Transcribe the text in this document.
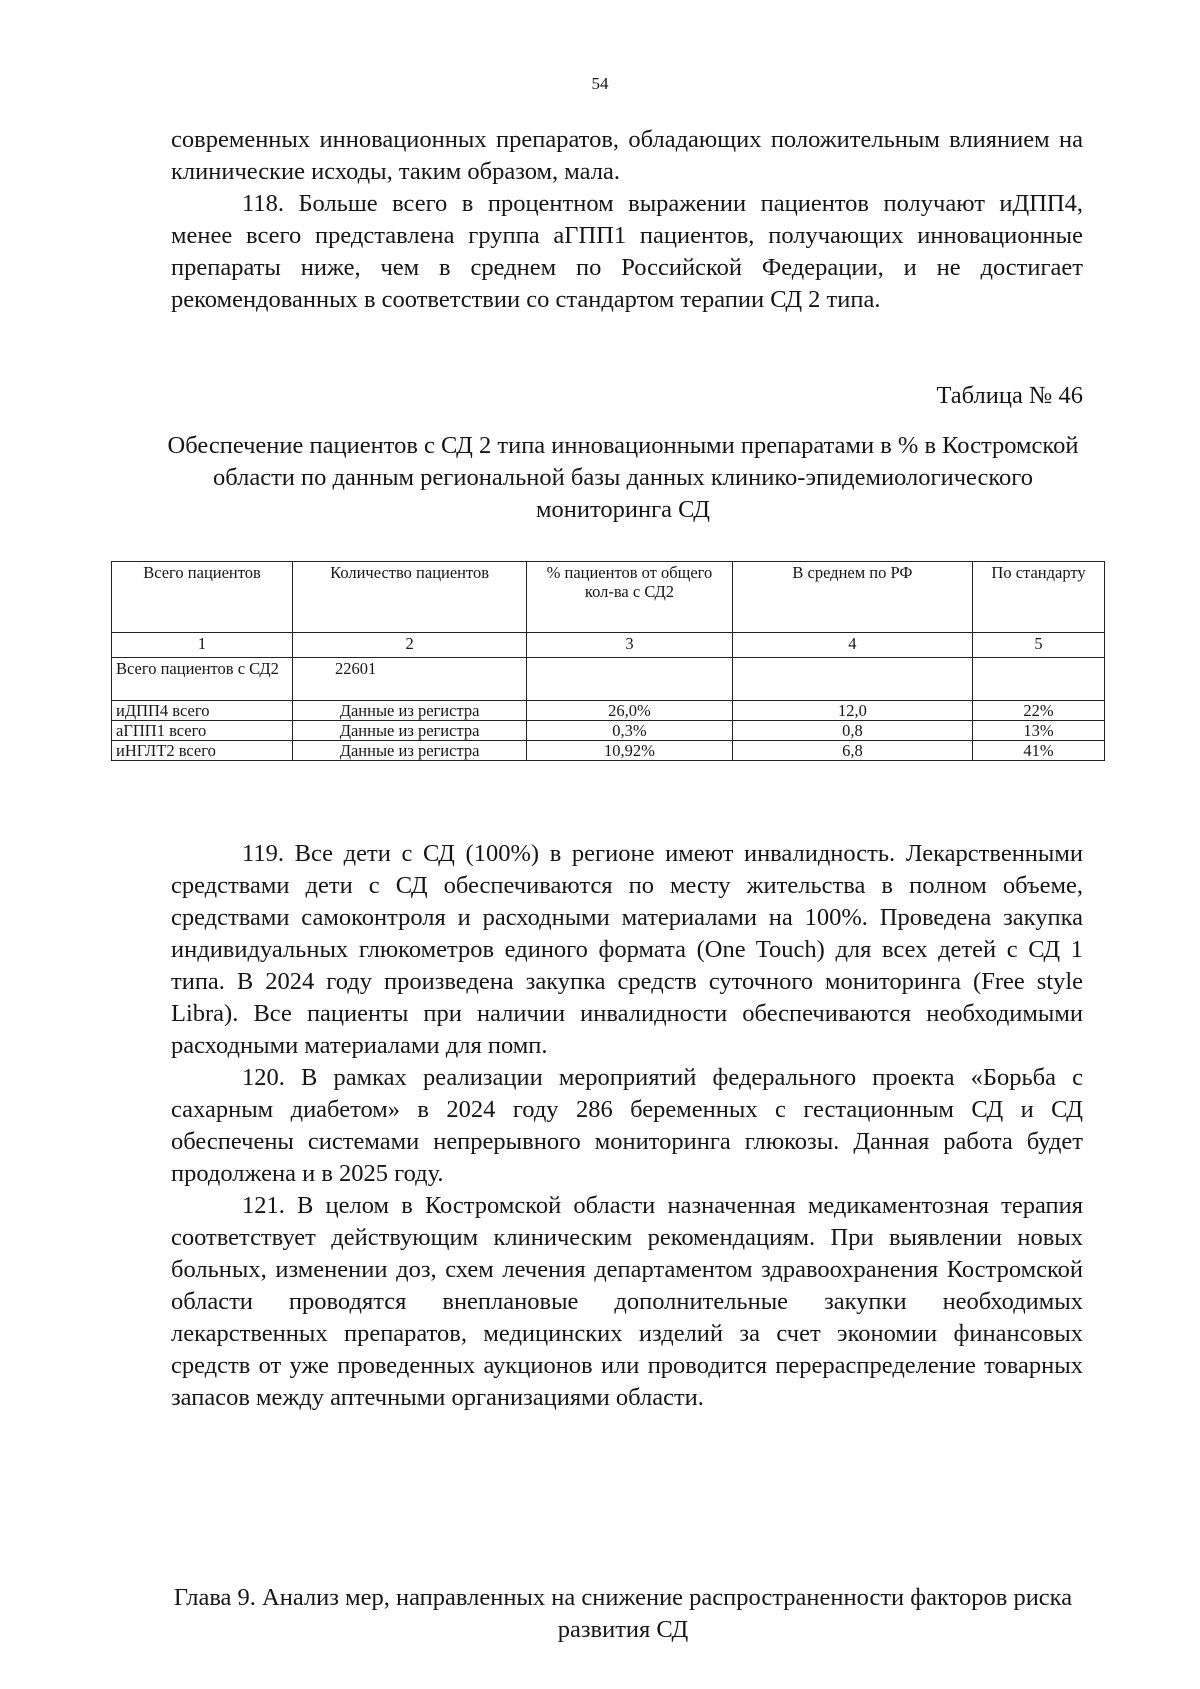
54

современных инновационных препаратов, обладающих положительным влиянием на клинические исходы, таким образом, мала.

118. Больше всего в процентном выражении пациентов получают иДПП4, менее всего представлена группа аГПП1 пациентов, получающих инновационные препараты ниже, чем в среднем по Российской Федерации, и не достигает рекомендованных в соответствии со стандартом терапии СД 2 типа.

Таблица № 46
Обеспечение пациентов с СД 2 типа инновационными препаратами в % в Костромской области по данным региональной базы данных клинико-эпидемиологического мониторинга СД
Всего пациентов	Количество пациентов	% пациентов от общего кол-ва с СД2	В среднем по РФ	По стандарту
1	2	3	4	5
Всего пациентов с СД2	22601			
иДПП4 всего	Данные из регистра	26,0%	12,0	22%
аГПП1 всего	Данные из регистра	0,3%	0,8	13%
иНГЛТ2 всего	Данные из регистра	10,92%	6,8	41%

119. Все дети с СД (100%) в регионе имеют инвалидность. Лекарственными средствами дети с СД обеспечиваются по месту жительства в полном объеме, средствами самоконтроля и расходными материалами на 100%. Проведена закупка индивидуальных глюкометров единого формата (One Touch) для всех детей с СД 1 типа. В 2024 году произведена закупка средств суточного мониторинга (Free style Libra). Все пациенты при наличии инвалидности обеспечиваются необходимыми расходными материалами для помп.

120. В рамках реализации мероприятий федерального проекта «Борьба с сахарным диабетом» в 2024 году 286 беременных с гестационным СД и СД обеспечены системами непрерывного мониторинга глюкозы. Данная работа будет продолжена и в 2025 году.

121. В целом в Костромской области назначенная медикаментозная терапия соответствует действующим клиническим рекомендациям. При выявлении новых больных, изменении доз, схем лечения департаментом здравоохранения Костромской области проводятся внеплановые дополнительные закупки необходимых лекарственных препаратов, медицинских изделий за счет экономии финансовых средств от уже проведенных аукционов или проводится перераспределение товарных запасов между аптечными организациями области.

Глава 9. Анализ мер, направленных на снижение распространенности факторов риска развития СД
